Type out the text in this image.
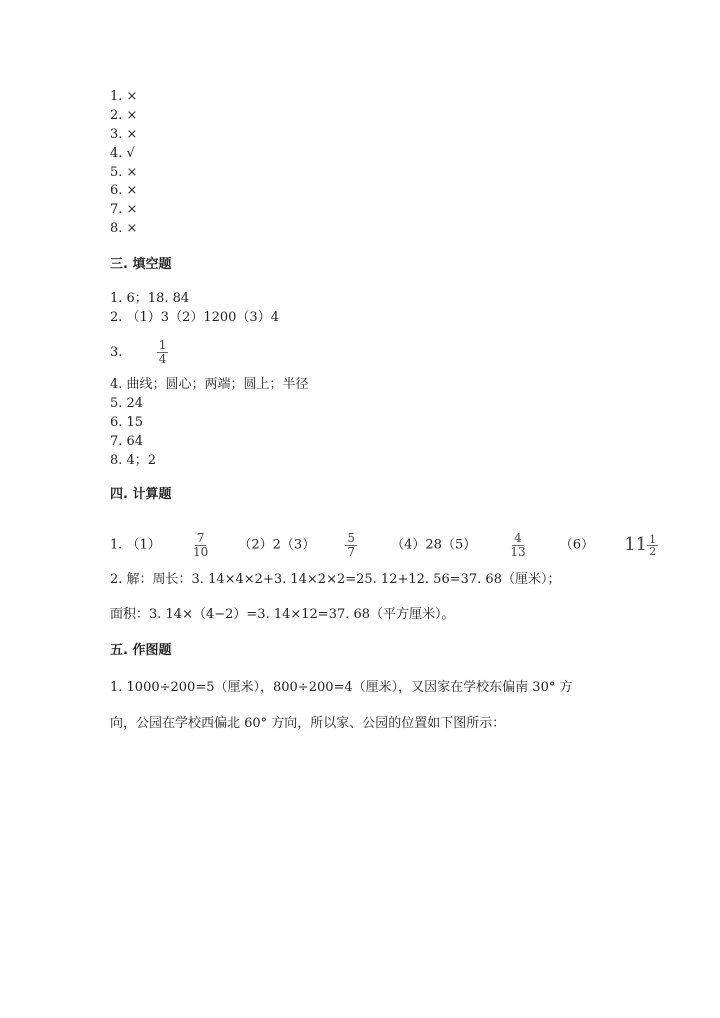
1. ×
2. ×
3. ×
4. √
5. ×
6. ×
7. ×
8. ×
三. 填空题
1. 6；18. 84
2. （1）3（2）1200（3）4
3.	$\frac{1}{4}$
4. 曲线；圆心；两端；圆上；半径
5. 24
6. 15
7. 64
8. 4；2
四. 计算题
1. （1）	$\frac{7}{10} (2)2(3)$	$\frac{5}{7}$	（4）28（5）	$\frac{4}{13}$	（6） $11 \frac{1}{2}$
2. 解：周长：3. 14×4×2+3. 14×2×2=25. 12+12. 56=37. 68（厘米）；
面积：3. 14×（4−2）=3. 14×12=37. 68（平方厘米）。
五. 作图题
1. 1000÷200=5（厘米），800÷200=4（厘米），又因家在学校东偏南 30° 方
向，公园在学校西偏北 60° 方向，所以家、公园的位置如下图所示：
